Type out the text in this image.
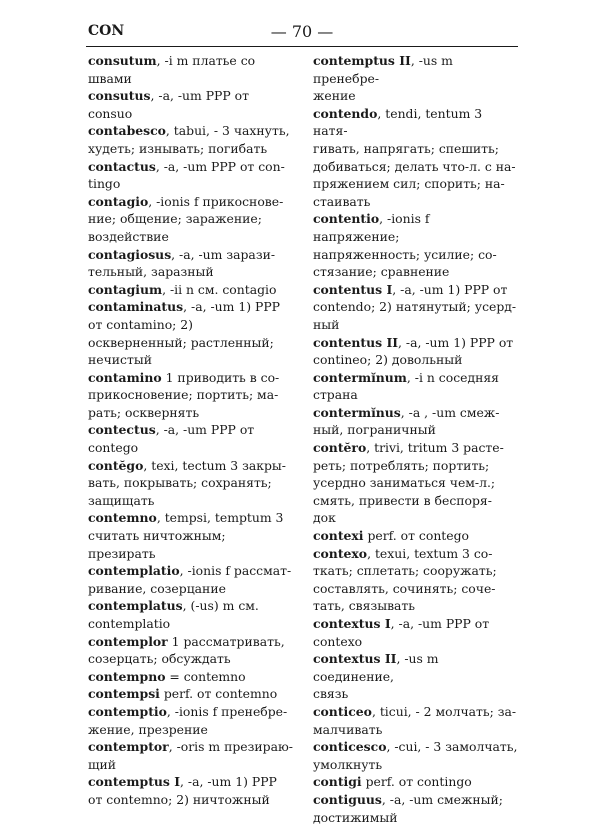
CON	— 70 —
consutum, -i m платье со швами
consutus, -a, -um PPP от consuo
contabesco, tabui, - 3 чахнуть,
худеть; изнывать; погибать
contactus, -a, -um PPP от con-
tingo
contagio, -ionis f прикоснове-
ние; общение; заражение;
воздействие
contagiosus, -a, -um зарази-
тельный, заразный
contagium, -ii n см. contagio
contaminatus, -a, -um 1) PPP
от contamino; 2) оскверненный; растленный; нечистый
contamino 1 приводить в со-
прикосновение; портить; ма-
рать; осквернять
contectus, -a, -um PPP от
contego
contĕgo, texi, tectum 3 закры-
вать, покрывать; сохранять;
защищать
contemno, tempsi, temptum 3
считать ничтожным; презирать
contemplatio, -ionis f рассмат-
ривание, созерцание
contemplatus, (-us) m см.
contemplatio
contemplor 1 рассматривать,
созерцать; обсуждать
contempno = contemno
contempsi perf. от contemno
contemptio, -ionis f пренебре-
жение, презрение
contemptor, -oris m презираю-
щий
contemptus I, -a, -um 1) PPP
от contemno; 2) ничтожный
contemptus II, -us m пренебре-
жение
contendo, tendi, tentum 3 натя-
гивать, напрягать; спешить;
добиваться; делать что-л. с на-
пряжением сил; спорить; на-
стаивать
contentio, -ionis f напряжение;
напряженность; усилие; со-
стязание; сравнение
contentus I, -a, -um 1) PPP от
contendo; 2) натянутый; усерд-
ный
contentus II, -a, -um 1) PPP от
contineo; 2) довольный
contermĭnum, -i n соседняя
страна
contermĭnus, -a , -um смеж-
ный, пограничный
contĕro, trivi, tritum 3 расте-
реть; потреблять; портить;
усердно заниматься чем-л.;
смять, привести в беспоря-
док
contexi perf. от contego
contexo, texui, textum 3 со-
ткать; сплетать; сооружать;
составлять, сочинять; соче-
тать, связывать
contextus I, -a, -um PPP от
contexo
contextus II, -us m соединение,
связь
conticeo, ticui, - 2 молчать; за-
малчивать
conticesco, -cui, - 3 замолчать,
умолкнуть
contigi perf. от contingo
contiguus, -a, -um смежный;
достижимый
